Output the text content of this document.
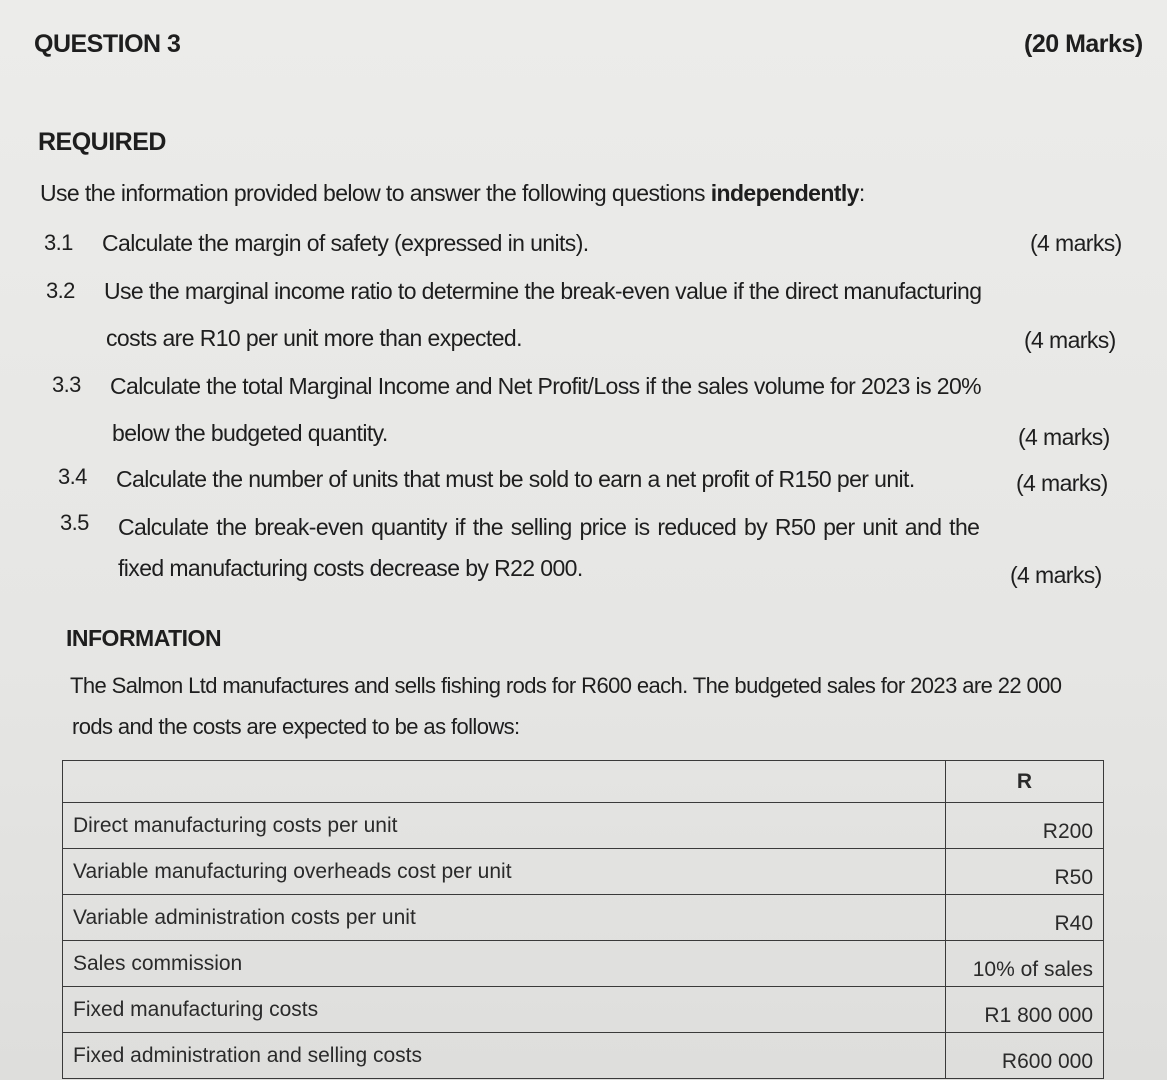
QUESTION 3	(20 Marks)
REQUIRED
Use the information provided below to answer the following questions independently:
3.1 Calculate the margin of safety (expressed in units).	(4 marks)
3.2 Use the marginal income ratio to determine the break-even value if the direct manufacturing
costs are R10 per unit more than expected.	(4 marks)
3.3 Calculate the total Marginal Income and Net Profit/Loss if the sales volume for 2023 is 20%
below the budgeted quantity.	(4 marks)
3.4 Calculate the number of units that must be sold to earn a net profit of R150 per unit.	(4 marks)
3.5 Calculate the break-even quantity if the selling price is reduced by R50 per unit and the
fixed manufacturing costs decrease by R22 000.	(4 marks)
INFORMATION
The Salmon Ltd manufactures and sells fishing rods for R600 each. The budgeted sales for 2023 are 22 000
rods and the costs are expected to be as follows:
	R
Direct manufacturing costs per unit	R200
Variable manufacturing overheads cost per unit	R50
Variable administration costs per unit	R40
Sales commission	10% of sales
Fixed manufacturing costs	R1 800 000
Fixed administration and selling costs	R600 000
